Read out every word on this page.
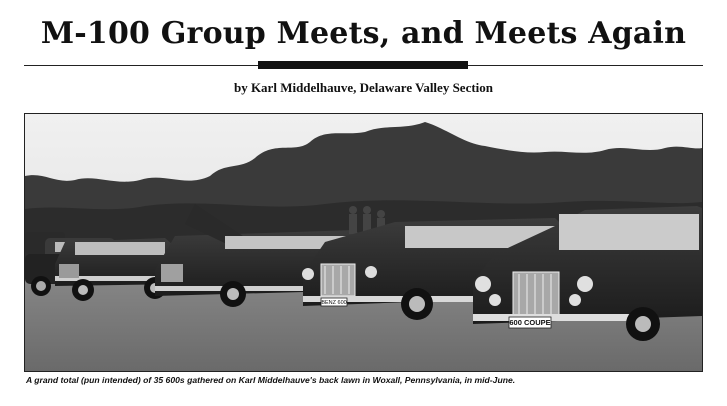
M-100 Group Meets, and Meets Again
by Karl Middelhauve, Delaware Valley Section
BENZ 600
600 COUPE
A grand total (pun intended) of 35 600s gathered on Karl Middelhauve's back lawn in Woxall, Pennsylvania, in mid-June.
